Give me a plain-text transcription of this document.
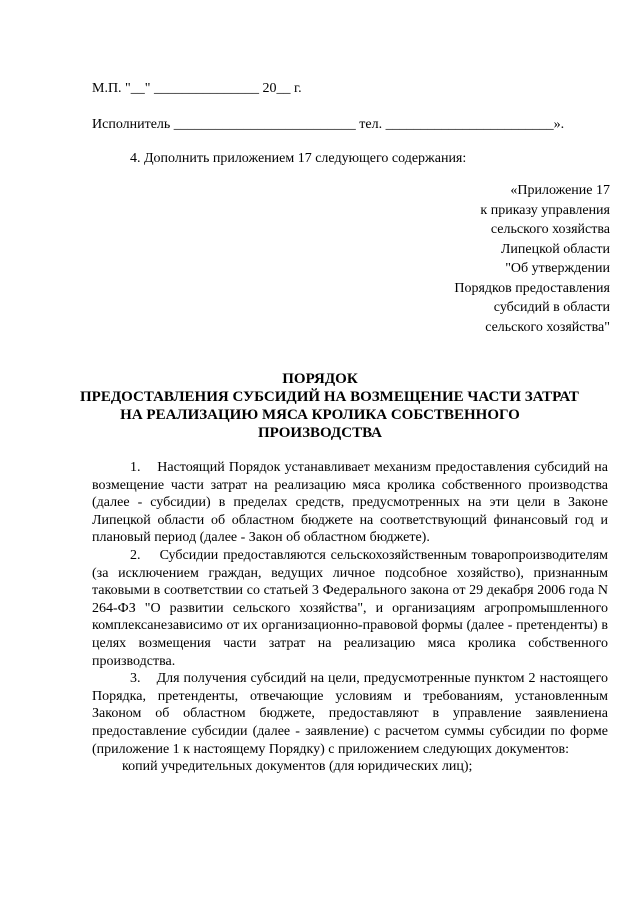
М.П. "__" _______________ 20__ г.
Исполнитель __________________________ тел. ________________________».
4. Дополнить приложением 17 следующего содержания:
«Приложение 17
к приказу управления
сельского хозяйства
Липецкой области
"Об утверждении
Порядков предоставления
субсидий в области
сельского хозяйства"
ПОРЯДОК
ПРЕДОСТАВЛЕНИЯ СУБСИДИЙ НА ВОЗМЕЩЕНИЕ ЧАСТИ ЗАТРАТ
НА РЕАЛИЗАЦИЮ МЯСА КРОЛИКА СОБСТВЕННОГО
ПРОИЗВОДСТВА

1.    Настоящий Порядок устанавливает механизм предоставления субсидий на возмещение части затрат на реализацию мяса кролика собственного производства (далее - субсидии) в пределах средств, предусмотренных на эти цели в Законе Липецкой области об областном бюджете на соответствующий финансовый год и плановый период (далее - Закон об областном бюджете).

2.    Субсидии предоставляются сельскохозяйственным товаропроизводителям (за исключением граждан, ведущих личное подсобное хозяйство), признанным таковыми в соответствии со статьей 3 Федерального закона от 29 декабря 2006 года N 264-ФЗ "О развитии сельского хозяйства", и организациям агропромышленного комплексанезависимо от их организационно-правовой формы (далее - претенденты) в целях возмещения части затрат на реализацию мяса кролика собственного производства.

3.    Для получения субсидий на цели, предусмотренные пунктом 2 настоящего Порядка, претенденты, отвечающие условиям и требованиям, установленным Законом об областном бюджете, предоставляют в управление заявлениена предоставление субсидии (далее - заявление) с расчетом суммы субсидии по форме (приложение 1 к настоящему Порядку) с приложением следующих документов:

копий учредительных документов (для юридических лиц);
